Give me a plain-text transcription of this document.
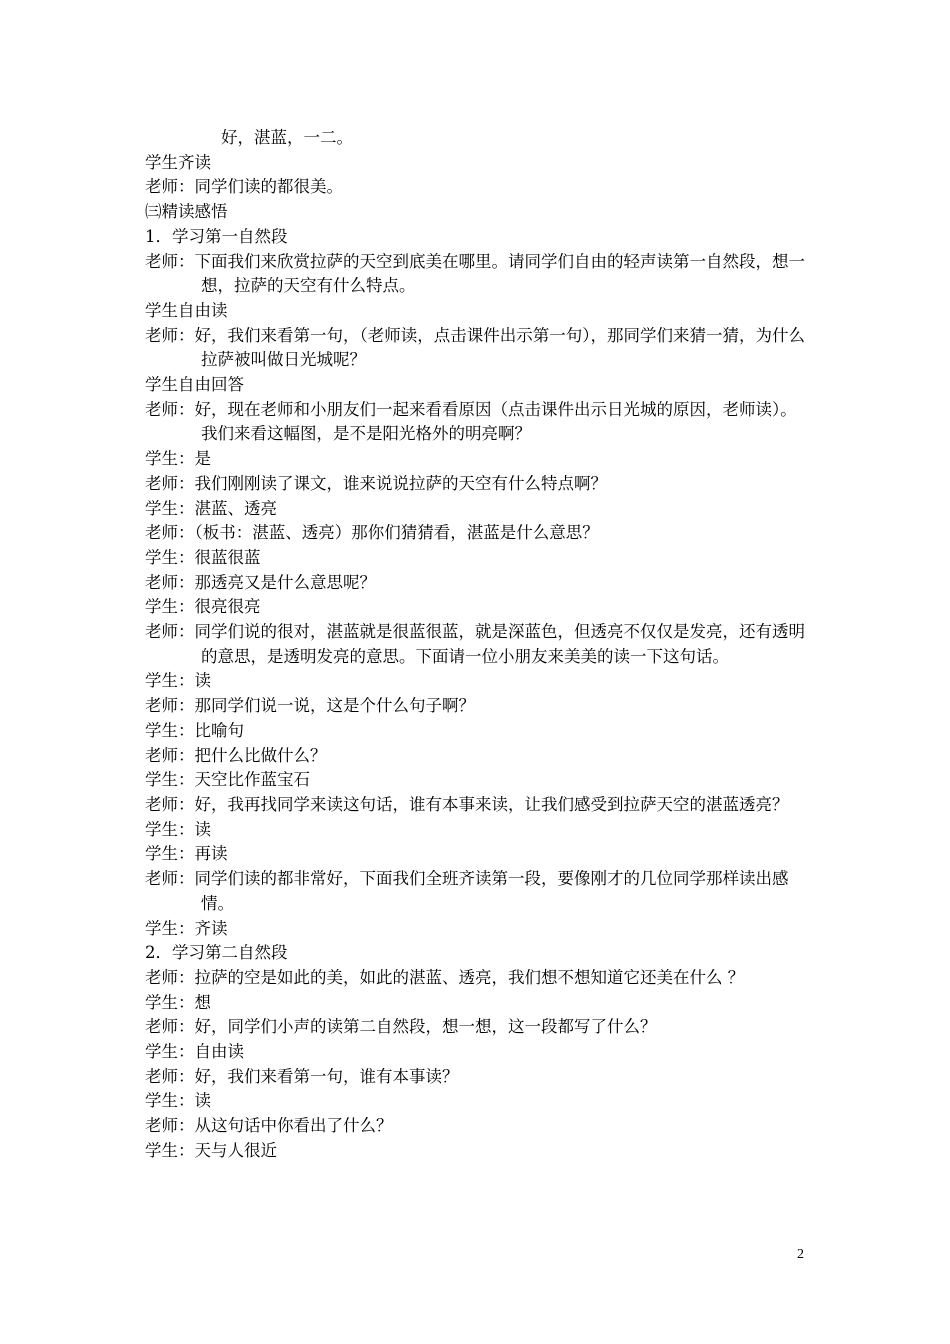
好，湛蓝，一二。

学生齐读

老师：同学们读的都很美。

㈢精读感悟

1．学习第一自然段

老师：下面我们来欣赏拉萨的天空到底美在哪里。请同学们自由的轻声读第一自然段，想一想，拉萨的天空有什么特点。

学生自由读

老师：好，我们来看第一句，（老师读，点击课件出示第一句），那同学们来猜一猜，为什么拉萨被叫做日光城呢？

学生自由回答

老师：好，现在老师和小朋友们一起来看看原因（点击课件出示日光城的原因，老师读）。我们来看这幅图，是不是阳光格外的明亮啊？

学生：是

老师：我们刚刚读了课文，谁来说说拉萨的天空有什么特点啊？

学生：湛蓝、透亮

老师：（板书：湛蓝、透亮）那你们猜猜看，湛蓝是什么意思？

学生：很蓝很蓝

老师：那透亮又是什么意思呢？

学生：很亮很亮

老师：同学们说的很对，湛蓝就是很蓝很蓝，就是深蓝色，但透亮不仅仅是发亮，还有透明的意思，是透明发亮的意思。下面请一位小朋友来美美的读一下这句话。

学生：读

老师：那同学们说一说，这是个什么句子啊？

学生：比喻句

老师：把什么比做什么？

学生：天空比作蓝宝石

老师：好，我再找同学来读这句话，谁有本事来读，让我们感受到拉萨天空的湛蓝透亮？

学生：读

学生：再读

老师：同学们读的都非常好，下面我们全班齐读第一段，要像刚才的几位同学那样读出感情。

学生：齐读

2．学习第二自然段

老师：拉萨的空是如此的美，如此的湛蓝、透亮，我们想不想知道它还美在什么 ？

学生：想

老师：好，同学们小声的读第二自然段，想一想，这一段都写了什么？

学生：自由读

老师：好，我们来看第一句，谁有本事读？

学生：读

老师：从这句话中你看出了什么？

学生：天与人很近

2
